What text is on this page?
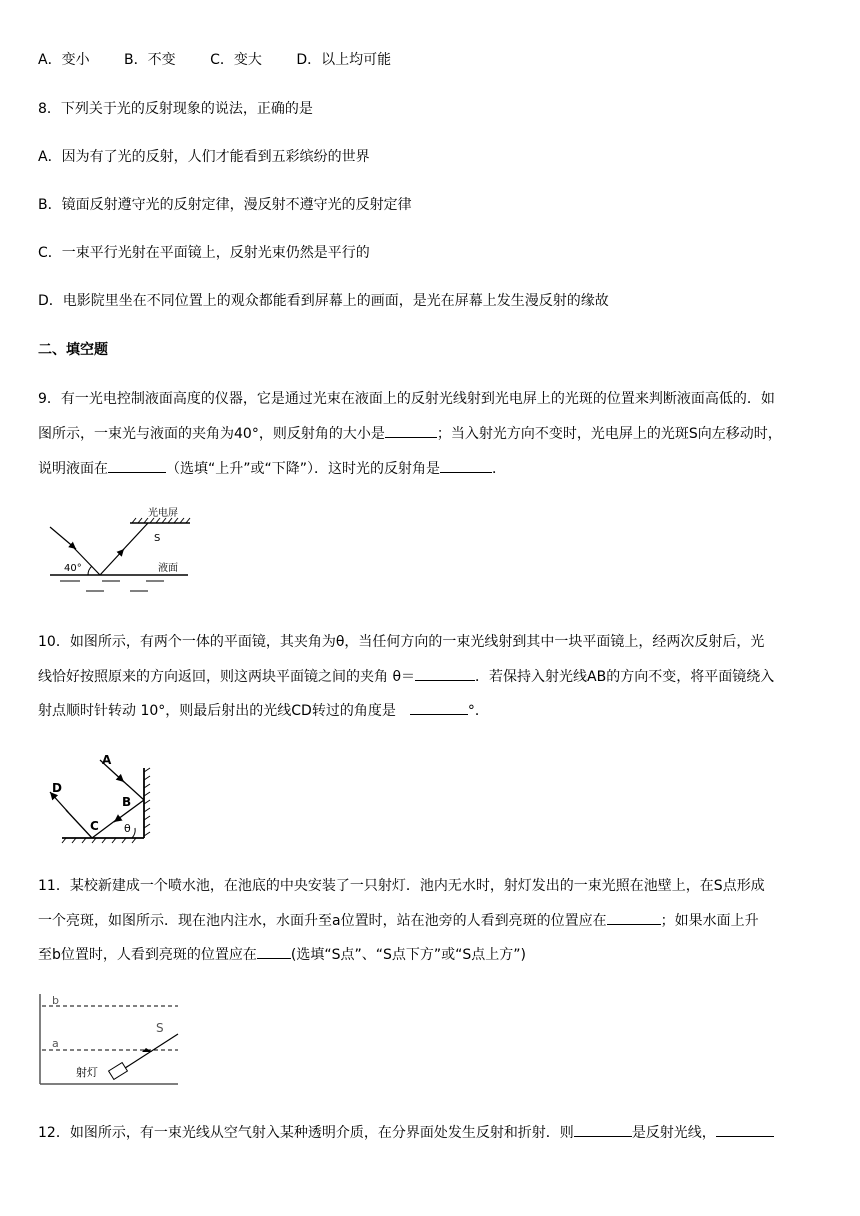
A．变小 B．不变 C．变大 D．以上均可能
8．下列关于光的反射现象的说法，正确的是
A．因为有了光的反射，人们才能看到五彩缤纷的世界
B．镜面反射遵守光的反射定律，漫反射不遵守光的反射定律
C．一束平行光射在平面镜上，反射光束仍然是平行的
D．电影院里坐在不同位置上的观众都能看到屏幕上的画面，是光在屏幕上发生漫反射的缘故
二、填空题
9．有一光电控制液面高度的仪器，它是通过光束在液面上的反射光线射到光电屏上的光斑的位置来判断液面高低的．如
图所示，一束光与液面的夹角为40°，则反射角的大小是	；当入射光方向不变时，光电屏上的光斑S向左移动时，
说明液面在	（选填“上升”或“下降”）．这时光的反射角是	．
光电屏
液面
40°
S
10．如图所示，有两个一体的平面镜，其夹角为θ，当任何方向的一束光线射到其中一块平面镜上，经两次反射后，光
线恰好按照原来的方向返回，则这两块平面镜之间的夹角 θ＝	．若保持入射光线AB的方向不变，将平面镜绕入
射点顺时针转动 10°，则最后射出的光线CD转过的角度是　	°．
A
B
C
D
θ
11．某校新建成一个喷水池，在池底的中央安装了一只射灯．池内无水时，射灯发出的一束光照在池壁上，在S点形成
一个亮斑，如图所示．现在池内注水，水面升至a位置时，站在池旁的人看到亮斑的位置应在	；如果水面上升
至b位置时，人看到亮斑的位置应在 (选填“S点”、“S点下方”或“S点上方”)
b
a
S
射灯
12．如图所示，有一束光线从空气射入某种透明介质，在分界面处发生反射和折射．则	是反射光线，
